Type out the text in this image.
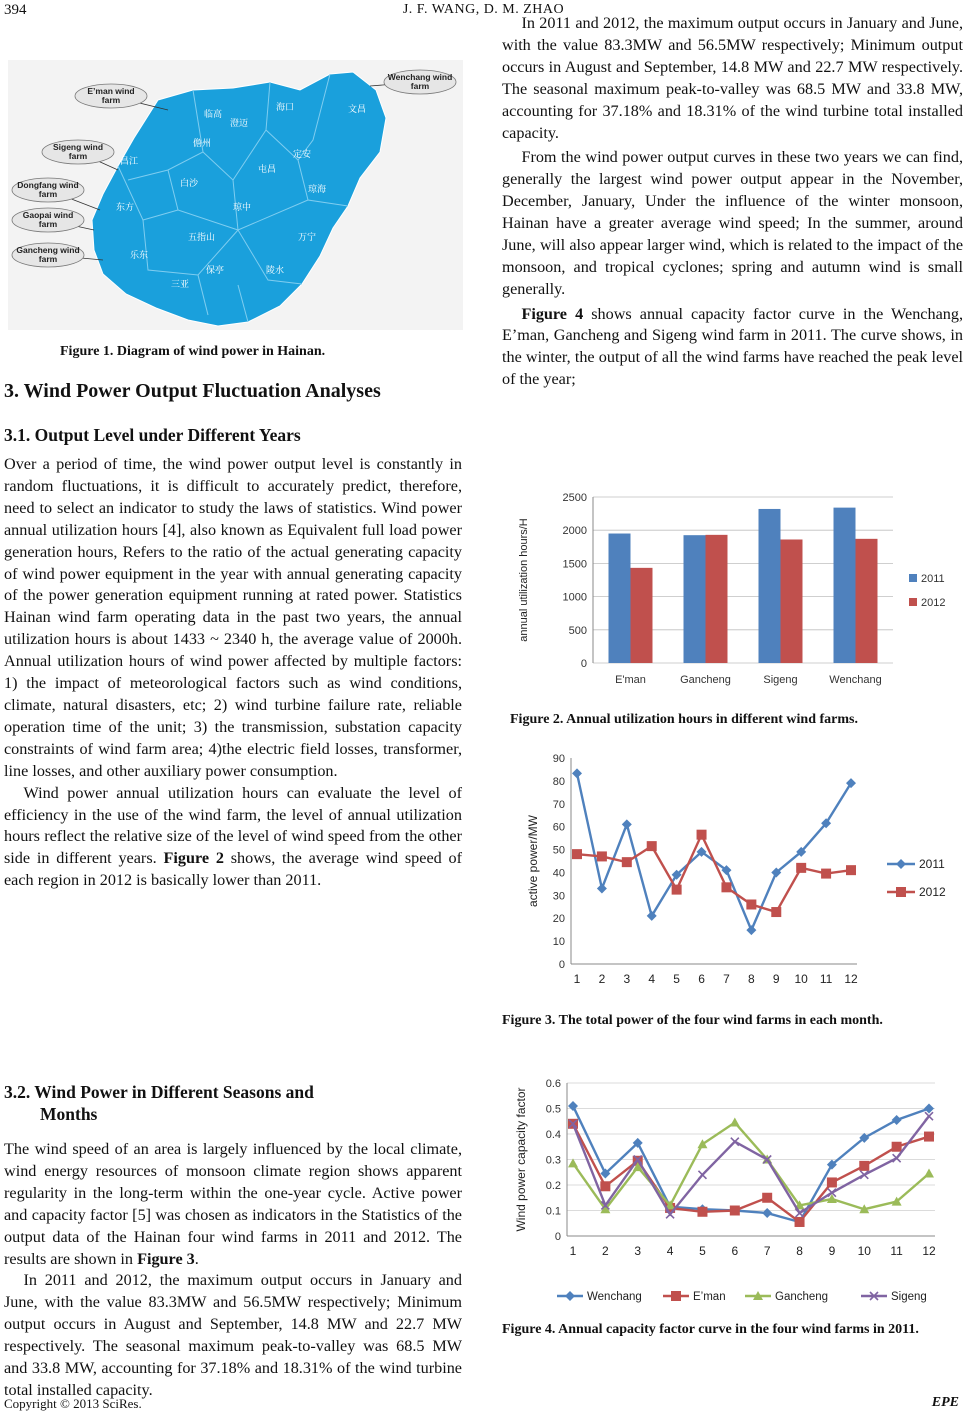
394	J. F. WANG, D. M. ZHAO
临高
海口	文昌
澄迈
儋州
定安
昌江
屯昌
白沙
琼海
东方	琼中
五指山	万宁
乐东
保亭	陵水
三亚
E’man wind farm
Wenchang wind farm
Sigeng wind farm
Dongfang wind farm
Gaopai wind farm
Gancheng wind farm
Figure 1. Diagram of wind power in Hainan.
3. Wind Power Output Fluctuation Analyses
3.1. Output Level under Different Years

Over a period of time, the wind power output level is constantly in random fluctuations, it is difficult to accurately predict, therefore, need to select an indicator to study the laws of statistics. Wind power annual utilization hours [4], also known as Equivalent full load power generation hours, Refers to the ratio of the actual generating capacity of wind power equipment in the year with annual generating capacity of the power generation equipment running at rated power. Statistics Hainan wind farm operating data in the past two years, the annual utilization hours is about 1433 ~ 2340 h, the average value of 2000h. Annual utilization hours of wind power affected by multiple factors: 1) the impact of meteorological factors such as wind conditions, climate, natural disasters, etc; 2) wind turbine failure rate, reliable operation time of the unit; 3) the transmission, substation capacity constraints of wind farm area; 4)the electric field losses, transformer, line losses, and other auxiliary power consumption.

Wind power annual utilization hours can evaluate the level of efficiency in the use of the wind farm, the level of annual utilization hours reflect the relative size of the level of wind speed from the other side in different years. Figure 2 shows, the average wind speed of each region in 2012 is basically lower than 2011.

3.2. Wind Power in Different Seasons and
Months

The wind speed of an area is largely influenced by the local climate, wind energy resources of monsoon climate region shows apparent regularity in the long-term within the one-year cycle. Active power and capacity factor [5] was chosen as indicators in the Statistics of the output data of the Hainan four wind farms in 2011 and 2012. The results are shown in Figure 3.

In 2011 and 2012, the maximum output occurs in January and June, with the value 83.3MW and 56.5MW respectively; Minimum output occurs in August and September, 14.8 MW and 22.7 MW respectively. The seasonal maximum peak-to-valley was 68.5 MW and 33.8 MW, accounting for 37.18% and 18.31% of the wind turbine total installed capacity.

In 2011 and 2012, the maximum output occurs in January and June, with the value 83.3MW and 56.5MW respectively; Minimum output occurs in August and September, 14.8 MW and 22.7 MW respectively. The seasonal maximum peak-to-valley was 68.5 MW and 33.8 MW, accounting for 37.18% and 18.31% of the wind turbine total installed capacity.

From the wind power output curves in these two years we can find, generally the largest wind power output appear in the November, December, January, Under the influence of the winter monsoon, Hainan have a greater average wind speed; In the summer, around June, will also appear larger wind, which is related to the impact of the monsoon, and tropical cyclones; spring and autumn wind is small generally.

Figure 4 shows annual capacity factor curve in the Wenchang, E’man, Gancheng and Sigeng wind farm in 2011. The curve shows, in the winter, the output of all the wind farms have reached the peak level of the year;

annual utilization hours/H
0
500
1000
1500
2000
2500
E'man	Gancheng	Sigeng	Wenchang
2011
2012
Figure 2. Annual utilization hours in different wind farms.
active power/MW
0
10
20
30
40
50
60
70
80
90
1 2 3 4 5 6 7 8 9 10 11 12
2011
2012
Figure 3. The total power of the four wind farms in each month.
Wind power capacity factor
0
0.1
0.2
0.3
0.4
0.5
0.6
1 2 3 4 5 6 7 8 9 10 11 12
Wenchang	E’man	Gancheng	Sigeng
Figure 4. Annual capacity factor curve in the four wind farms in 2011.
Copyright © 2013 SciRes.	EPE
